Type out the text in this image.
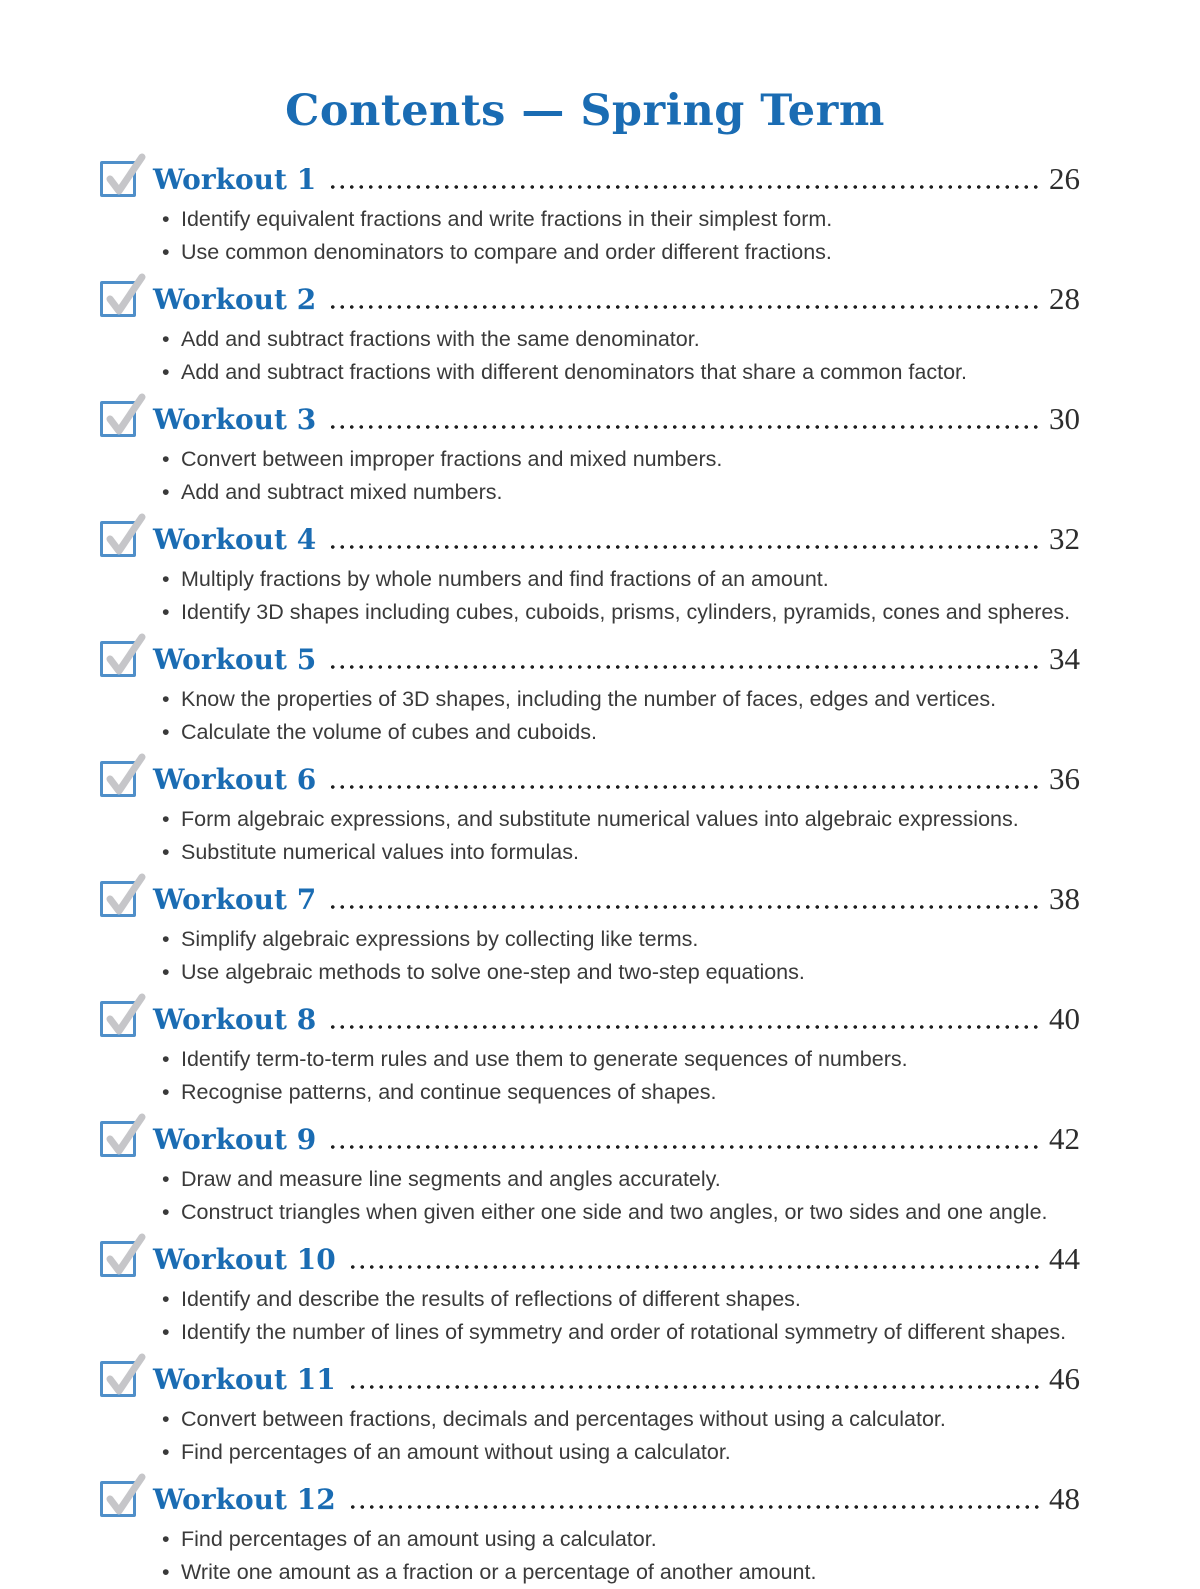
Contents — Spring Term
Workout 1	26
• Identify equivalent fractions and write fractions in their simplest form.
• Use common denominators to compare and order different fractions.
Workout 2	28
• Add and subtract fractions with the same denominator.
• Add and subtract fractions with different denominators that share a common factor.
Workout 3	30
• Convert between improper fractions and mixed numbers.
• Add and subtract mixed numbers.
Workout 4	32
• Multiply fractions by whole numbers and find fractions of an amount.
• Identify 3D shapes including cubes, cuboids, prisms, cylinders, pyramids, cones and spheres.
Workout 5	34
• Know the properties of 3D shapes, including the number of faces, edges and vertices.
• Calculate the volume of cubes and cuboids.
Workout 6	36
• Form algebraic expressions, and substitute numerical values into algebraic expressions.
• Substitute numerical values into formulas.
Workout 7	38
• Simplify algebraic expressions by collecting like terms.
• Use algebraic methods to solve one-step and two-step equations.
Workout 8	40
• Identify term-to-term rules and use them to generate sequences of numbers.
• Recognise patterns, and continue sequences of shapes.
Workout 9	42
• Draw and measure line segments and angles accurately.
• Construct triangles when given either one side and two angles, or two sides and one angle.
Workout 10	44
• Identify and describe the results of reflections of different shapes.
• Identify the number of lines of symmetry and order of rotational symmetry of different shapes.
Workout 11	46
• Convert between fractions, decimals and percentages without using a calculator.
• Find percentages of an amount without using a calculator.
Workout 12	48
• Find percentages of an amount using a calculator.
• Write one amount as a fraction or a percentage of another amount.
